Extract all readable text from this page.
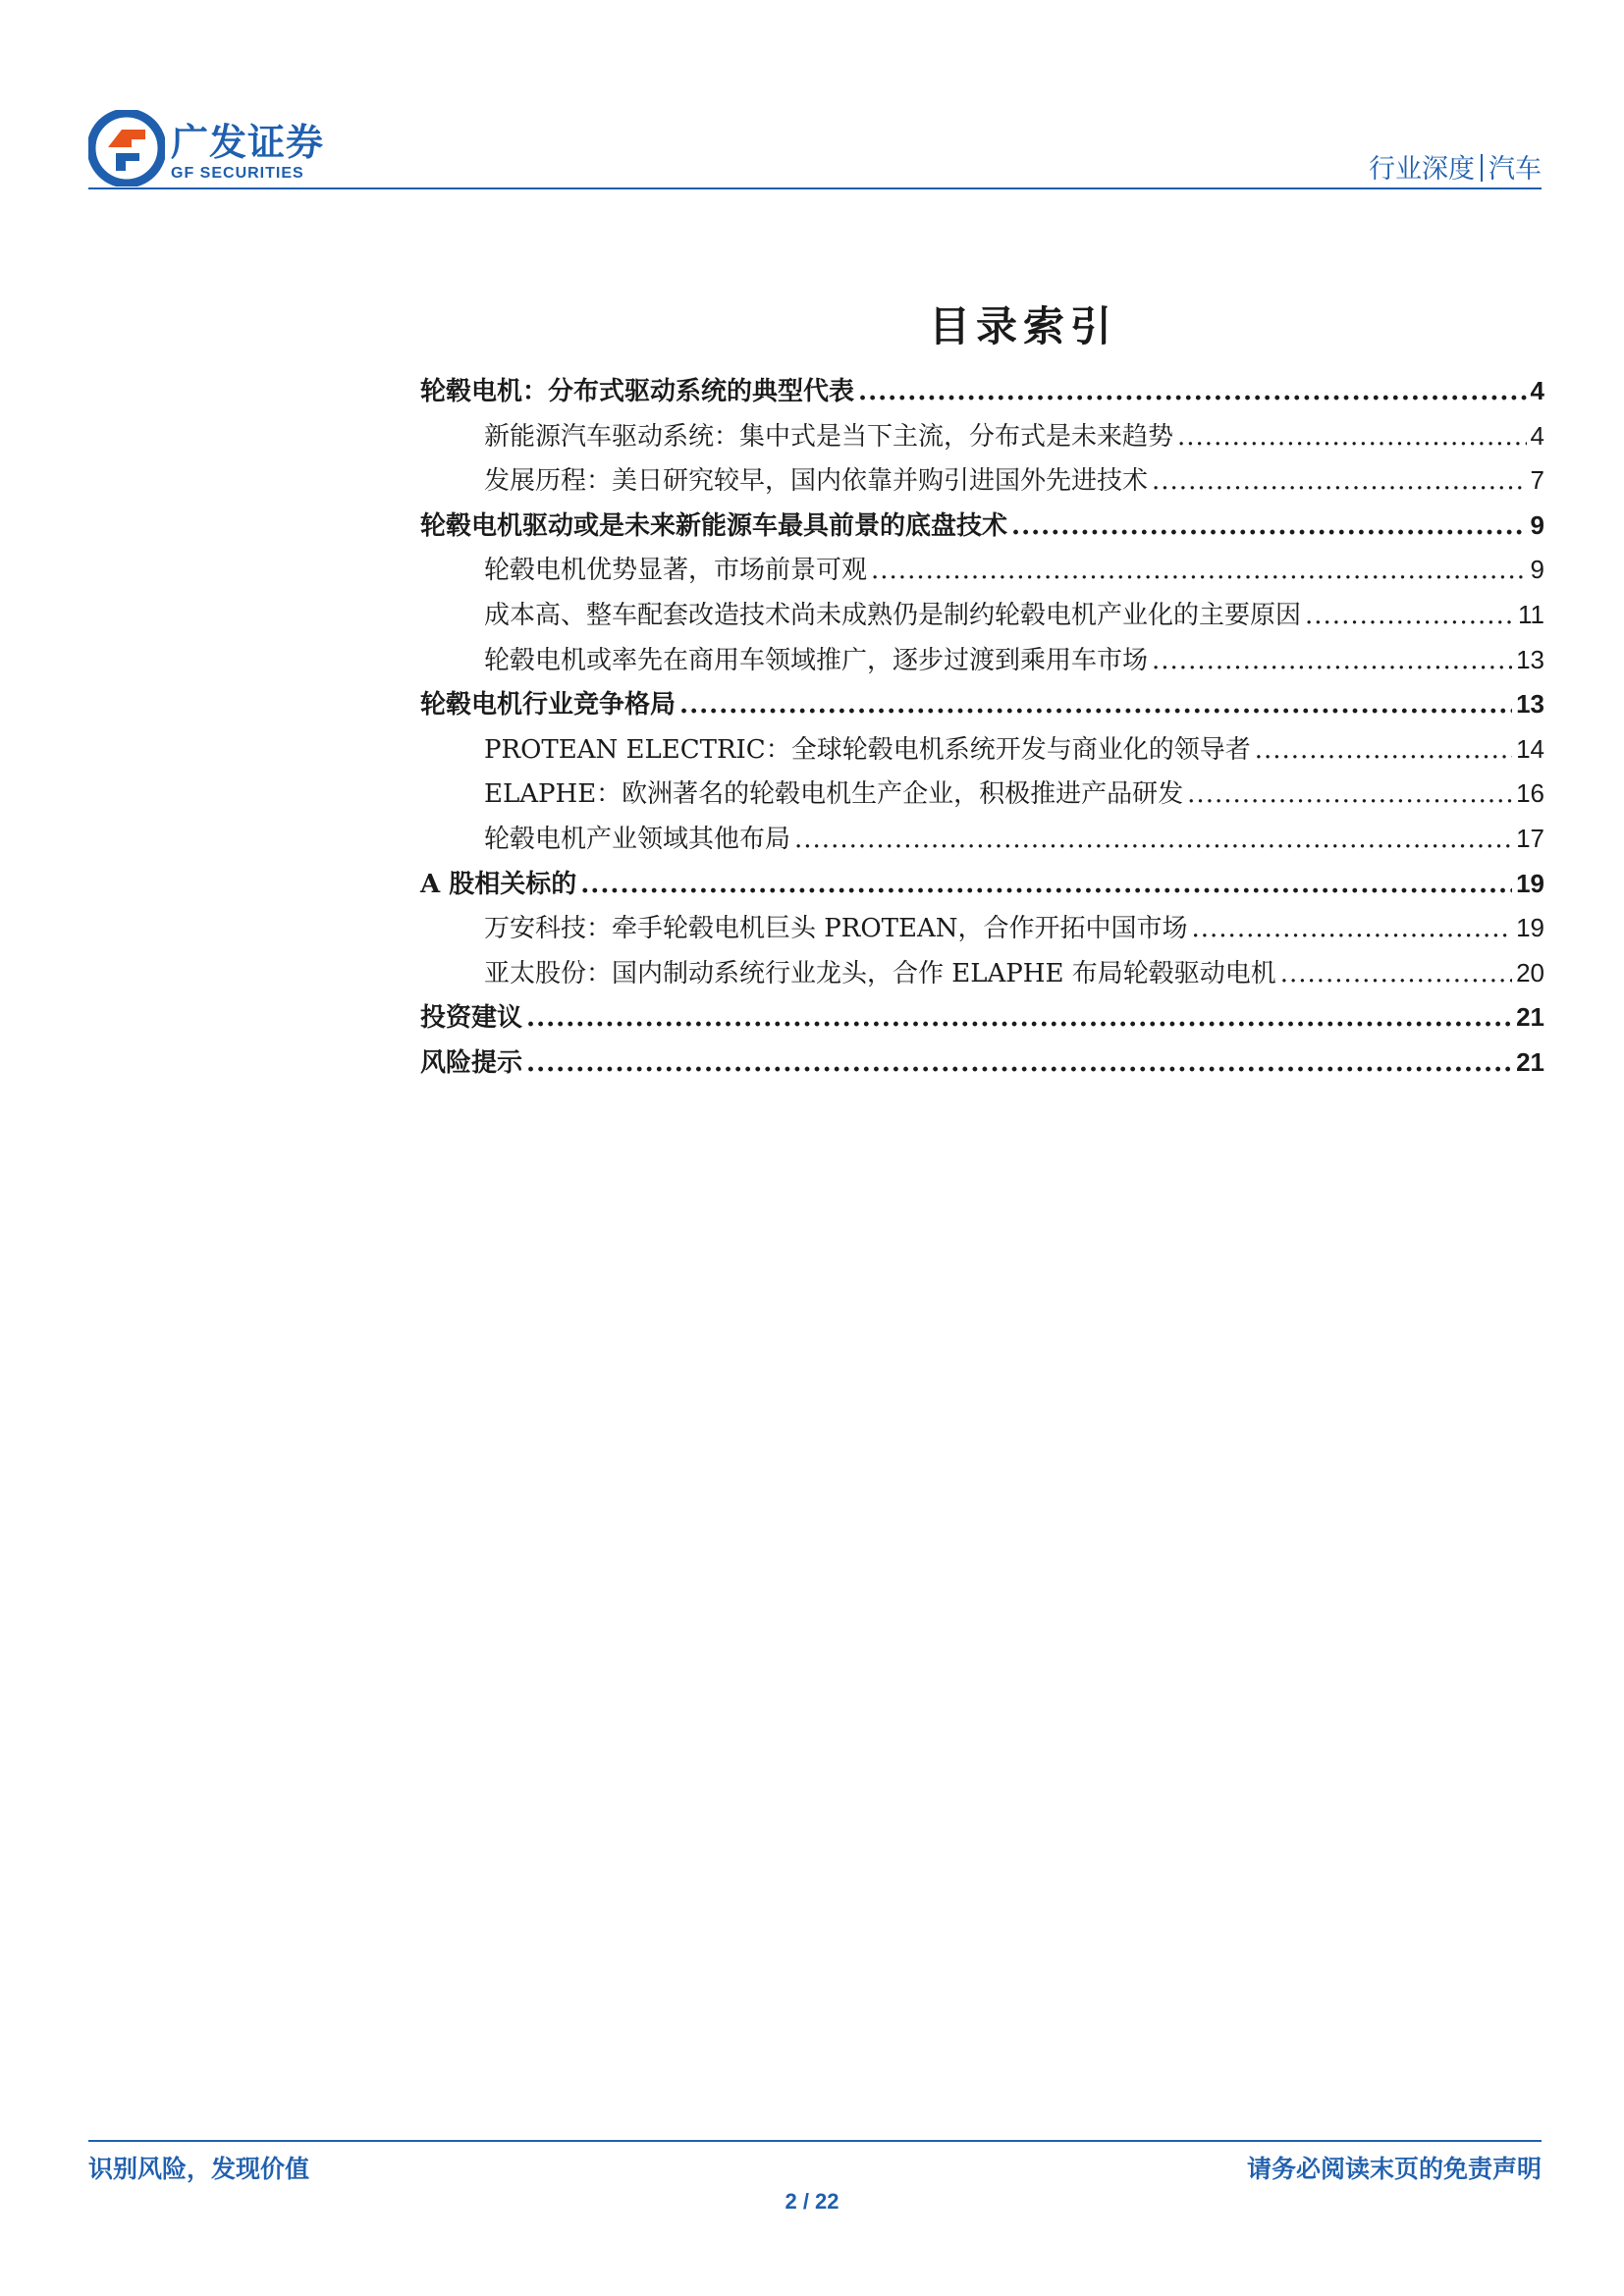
广发证券
GF SECURITIES	行业深度 汽车
目录索引
轮毂电机：分布式驱动系统的典型代表 .....	4
新能源汽车驱动系统：集中式是当下主流，分布式是未来趋势 .....	4
发展历程：美日研究较早，国内依靠并购引进国外先进技术 .....	7
轮毂电机驱动或是未来新能源车最具前景的底盘技术 .....	9
轮毂电机优势显著，市场前景可观 .....	9
成本高、整车配套改造技术尚未成熟仍是制约轮毂电机产业化的主要原因 .....	11
轮毂电机或率先在商用车领域推广，逐步过渡到乘用车市场 .....	13
轮毂电机行业竞争格局 .....	13
PROTEAN ELECTRIC：全球轮毂电机系统开发与商业化的领导者 .....	14
ELAPHE：欧洲著名的轮毂电机生产企业，积极推进产品研发 .....	16
轮毂电机产业领域其他布局 .....	17
A 股相关标的 .....	19
万安科技：牵手轮毂电机巨头 PROTEAN，合作开拓中国市场 .....	19
亚太股份：国内制动系统行业龙头，合作 ELAPHE 布局轮毂驱动电机 .....	20
投资建议 .....	21
风险提示 .....	21
识别风险，发现价值	请务必阅读末页的免责声明
2 / 22
